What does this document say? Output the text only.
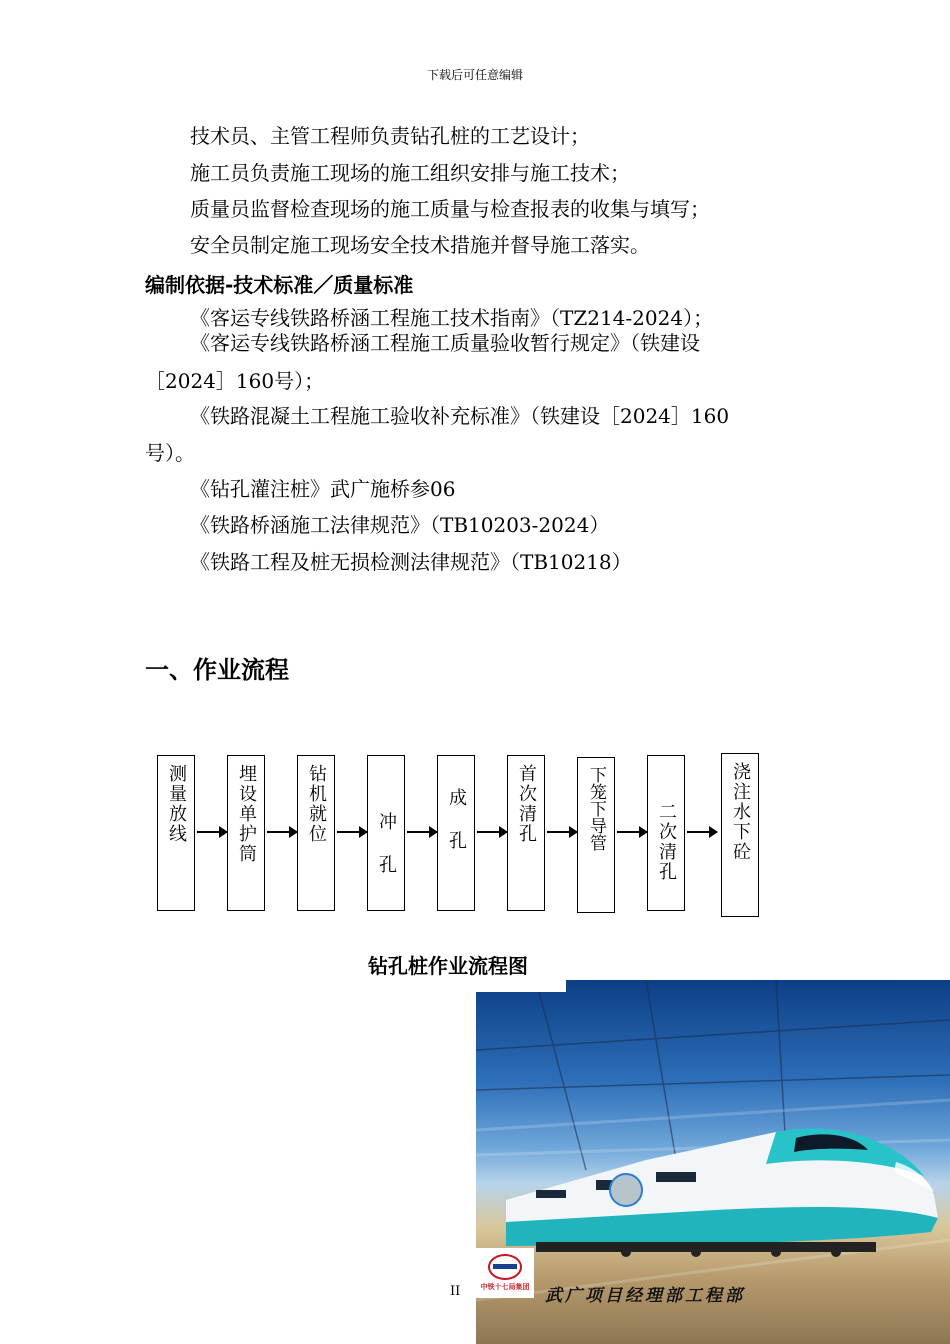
下载后可任意编辑
技术员、主管工程师负责钻孔桩的工艺设计；
施工员负责施工现场的施工组织安排与施工技术；
质量员监督检查现场的施工质量与检查报表的收集与填写；
安全员制定施工现场安全技术措施并督导施工落实。
编制依据-技术标准／质量标准
《客运专线铁路桥涵工程施工技术指南》（TZ214-2024）；
《客运专线铁路桥涵工程施工质量验收暂行规定》（铁建设
［2024］160号）；
《铁路混凝土工程施工验收补充标准》（铁建设［2024］160
号）。
《钻孔灌注桩》武广施桥参06
《铁路桥涵施工法律规范》（TB10203-2024）
《铁路工程及桩无损检测法律规范》（TB10218）
一、作业流程
测量放线	埋设单护筒	钻机就位	冲 孔	成 孔	首次清孔	下笼下导管	二次清孔	浇注水下砼
钻孔桩作业流程图
中铁十七局集团
II	武广项目经理部工程部
